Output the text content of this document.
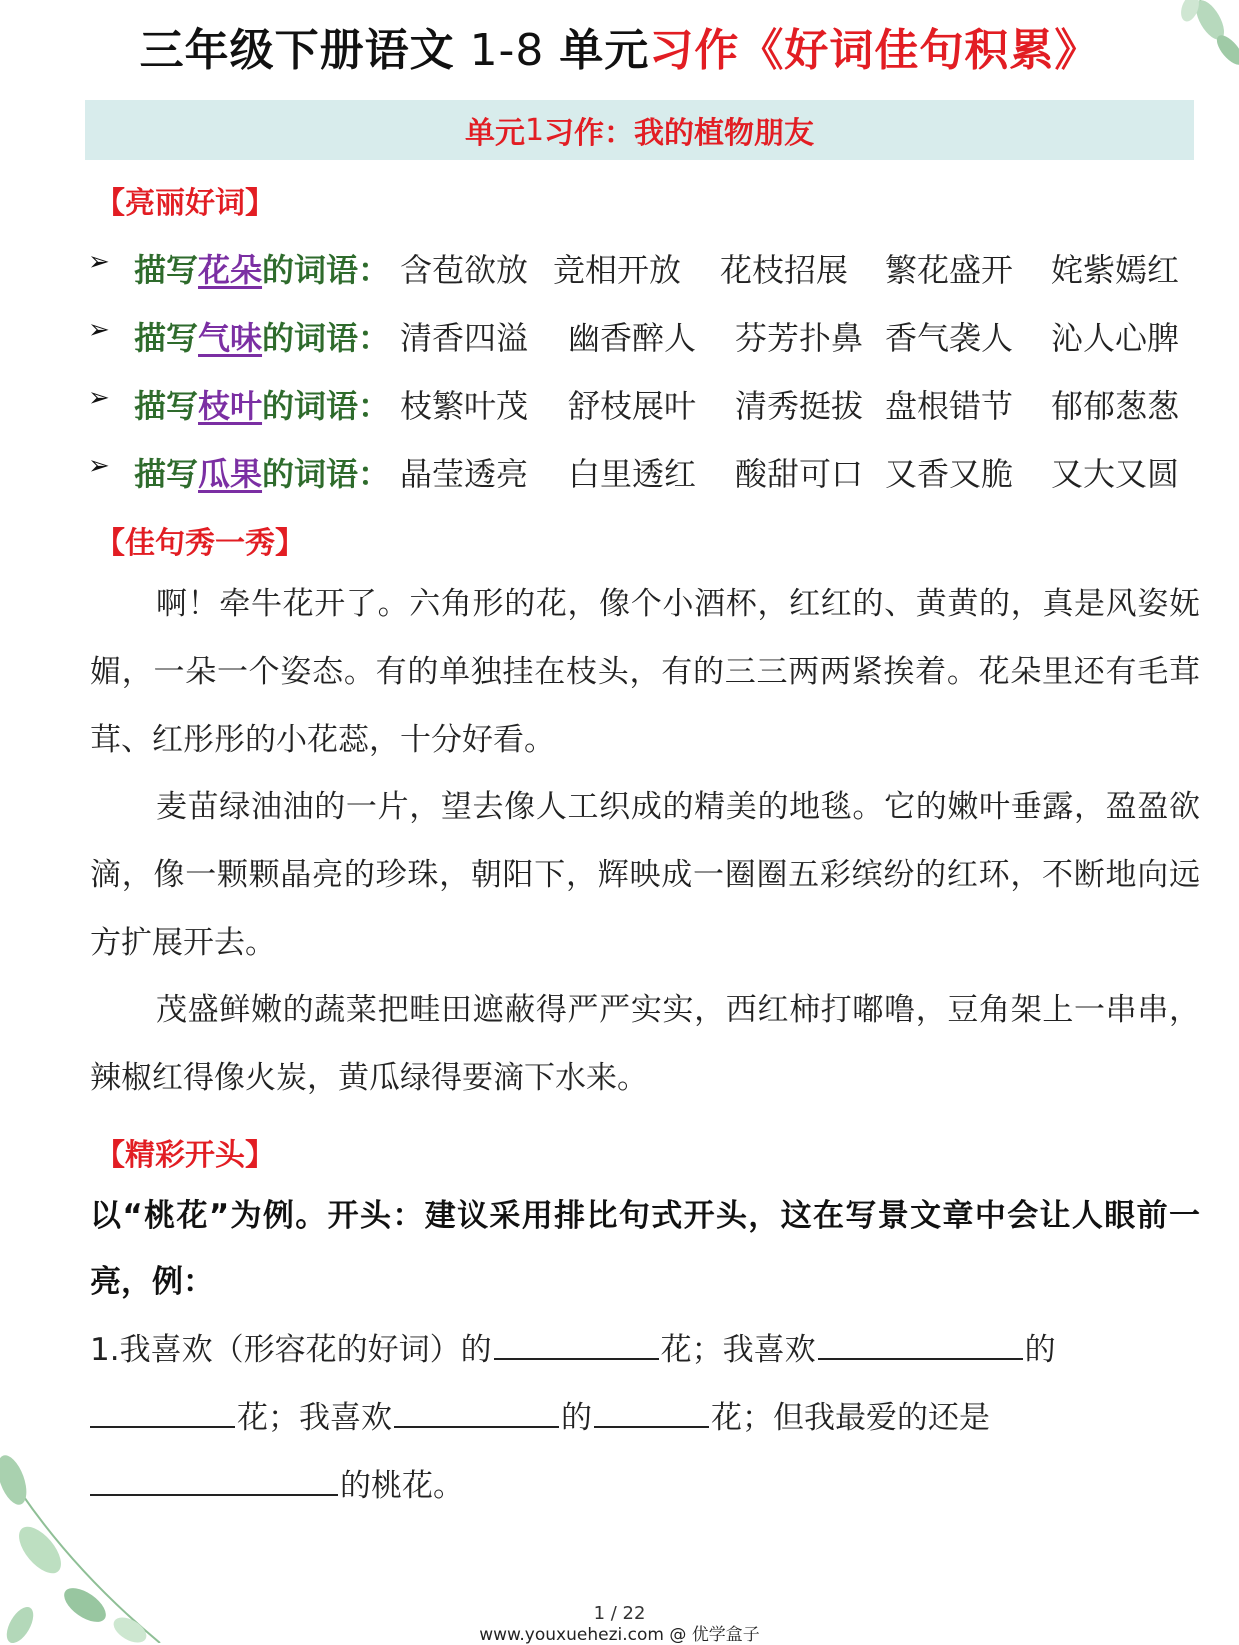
三年级下册语文 1-8 单元习作《好词佳句积累》
单元 1 习作：我的植物朋友
【亮丽好词】
➢ 描写花朵的词语： 含苞欲放 竞相开放 花枝招展 繁花盛开 姹紫嫣红
➢ 描写气味的词语： 清香四溢 幽香醉人 芬芳扑鼻 香气袭人 沁人心脾
➢ 描写枝叶的词语： 枝繁叶茂 舒枝展叶 清秀挺拔 盘根错节 郁郁葱葱
➢ 描写瓜果的词语： 晶莹透亮 白里透红 酸甜可口 又香又脆 又大又圆
【佳句秀一秀】
啊！牵牛花开了。六角形的花，像个小酒杯，红红的、黄黄的，真是风姿妩媚，一朵一个姿态。有的单独挂在枝头，有的三三两两紧挨着。花朵里还有毛茸茸、红彤彤的小花蕊，十分好看。
麦苗绿油油的一片，望去像人工织成的精美的地毯。它的嫩叶垂露，盈盈欲滴，像一颗颗晶亮的珍珠，朝阳下，辉映成一圈圈五彩缤纷的红环，不断地向远方扩展开去。
茂盛鲜嫩的蔬菜把畦田遮蔽得严严实实，西红柿打嘟噜，豆角架上一串串，辣椒红得像火炭，黄瓜绿得要滴下水来。
【精彩开头】
以“桃花”为例。开头：建议采用排比句式开头，这在写景文章中会让人眼前一亮，例：
1.我喜欢（形容花的好词）的	花；我喜欢	的
花；我喜欢	的	花；但我最爱的还是
的桃花。
1 / 22
www.youxuehezi.com @ 优学盒子
